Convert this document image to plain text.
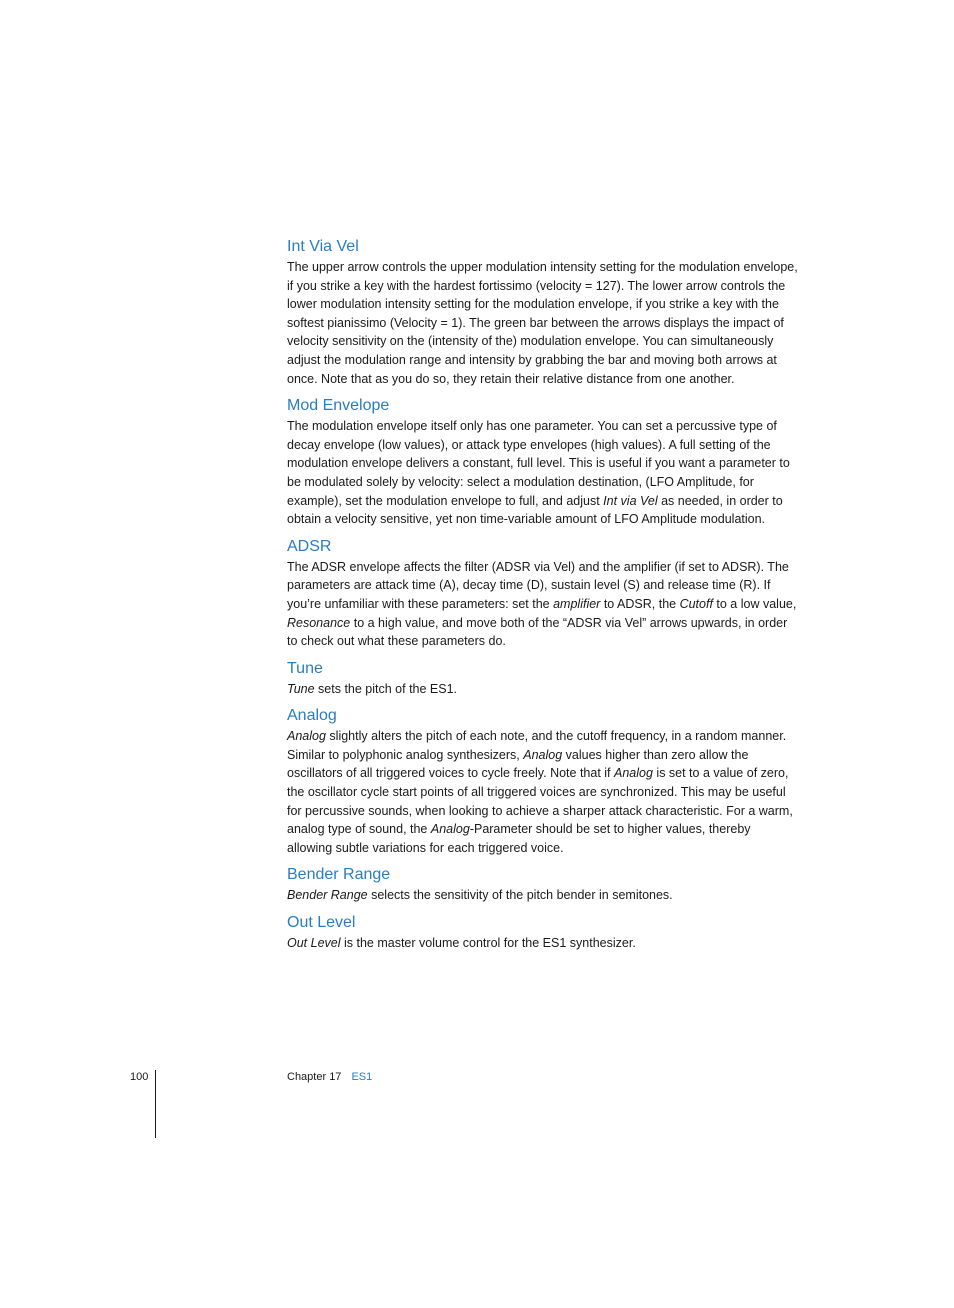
Int Via Vel

The upper arrow controls the upper modulation intensity setting for the modulation envelope, if you strike a key with the hardest fortissimo (velocity = 127). The lower arrow controls the lower modulation intensity setting for the modulation envelope, if you strike a key with the softest pianissimo (Velocity = 1). The green bar between the arrows displays the impact of velocity sensitivity on the (intensity of the) modulation envelope. You can simultaneously adjust the modulation range and intensity by grabbing the bar and moving both arrows at once. Note that as you do so, they retain their relative distance from one another.

Mod Envelope

The modulation envelope itself only has one parameter. You can set a percussive type of decay envelope (low values), or attack type envelopes (high values). A full setting of the modulation envelope delivers a constant, full level. This is useful if you want a parameter to be modulated solely by velocity: select a modulation destination, (LFO Amplitude, for example), set the modulation envelope to full, and adjust Int via Vel as needed, in order to obtain a velocity sensitive, yet non time-variable amount of LFO Amplitude modulation.

ADSR

The ADSR envelope affects the filter (ADSR via Vel) and the amplifier (if set to ADSR). The parameters are attack time (A), decay time (D), sustain level (S) and release time (R). If you’re unfamiliar with these parameters: set the amplifier to ADSR, the Cutoff to a low value, Resonance to a high value, and move both of the “ADSR via Vel” arrows upwards, in order to check out what these parameters do.

Tune

Tune sets the pitch of the ES1.

Analog

Analog slightly alters the pitch of each note, and the cutoff frequency, in a random manner. Similar to polyphonic analog synthesizers, Analog values higher than zero allow the oscillators of all triggered voices to cycle freely. Note that if Analog is set to a value of zero, the oscillator cycle start points of all triggered voices are synchronized. This may be useful for percussive sounds, when looking to achieve a sharper attack characteristic. For a warm, analog type of sound, the Analog-Parameter should be set to higher values, thereby allowing subtle variations for each triggered voice.

Bender Range

Bender Range selects the sensitivity of the pitch bender in semitones.

Out Level

Out Level is the master volume control for the ES1 synthesizer.

100	Chapter 17 ES1
